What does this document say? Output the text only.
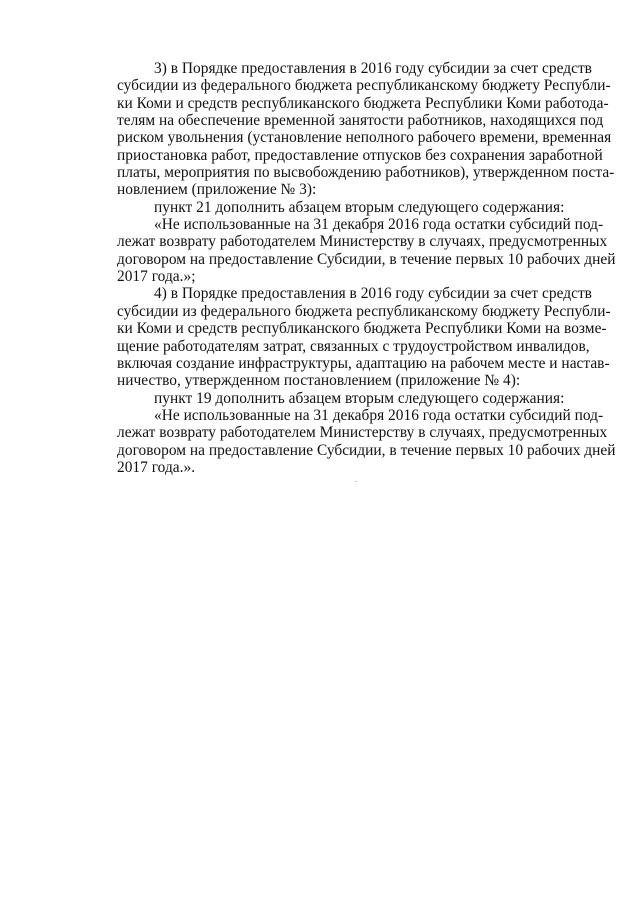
3) в Порядке предоставления в 2016 году субсидии за счет средств
субсидии из федерального бюджета республиканскому бюджету Республи-
ки Коми и средств республиканского бюджета Республики Коми работода-
телям на обеспечение временной занятости работников, находящихся под
риском увольнения (установление неполного рабочего времени, временная
приостановка работ, предоставление отпусков без сохранения заработной
платы, мероприятия по высвобождению работников), утвержденном поста-
новлением (приложение № 3):

пункт 21 дополнить абзацем вторым следующего содержания:

«Не использованные на 31 декабря 2016 года остатки субсидий под-
лежат возврату работодателем Министерству в случаях, предусмотренных
договором на предоставление Субсидии, в течение первых 10 рабочих дней
2017 года.»;

4) в Порядке предоставления в 2016 году субсидии за счет средств
субсидии из федерального бюджета республиканскому бюджету Республи-
ки Коми и средств республиканского бюджета Республики Коми на возме-
щение работодателям затрат, связанных с трудоустройством инвалидов,
включая создание инфраструктуры, адаптацию на рабочем месте и настав-
ничество, утвержденном постановлением (приложение № 4):

пункт 19 дополнить абзацем вторым следующего содержания:

«Не использованные на 31 декабря 2016 года остатки субсидий под-
лежат возврату работодателем Министерству в случаях, предусмотренных
договором на предоставление Субсидии, в течение первых 10 рабочих дней
2017 года.».
